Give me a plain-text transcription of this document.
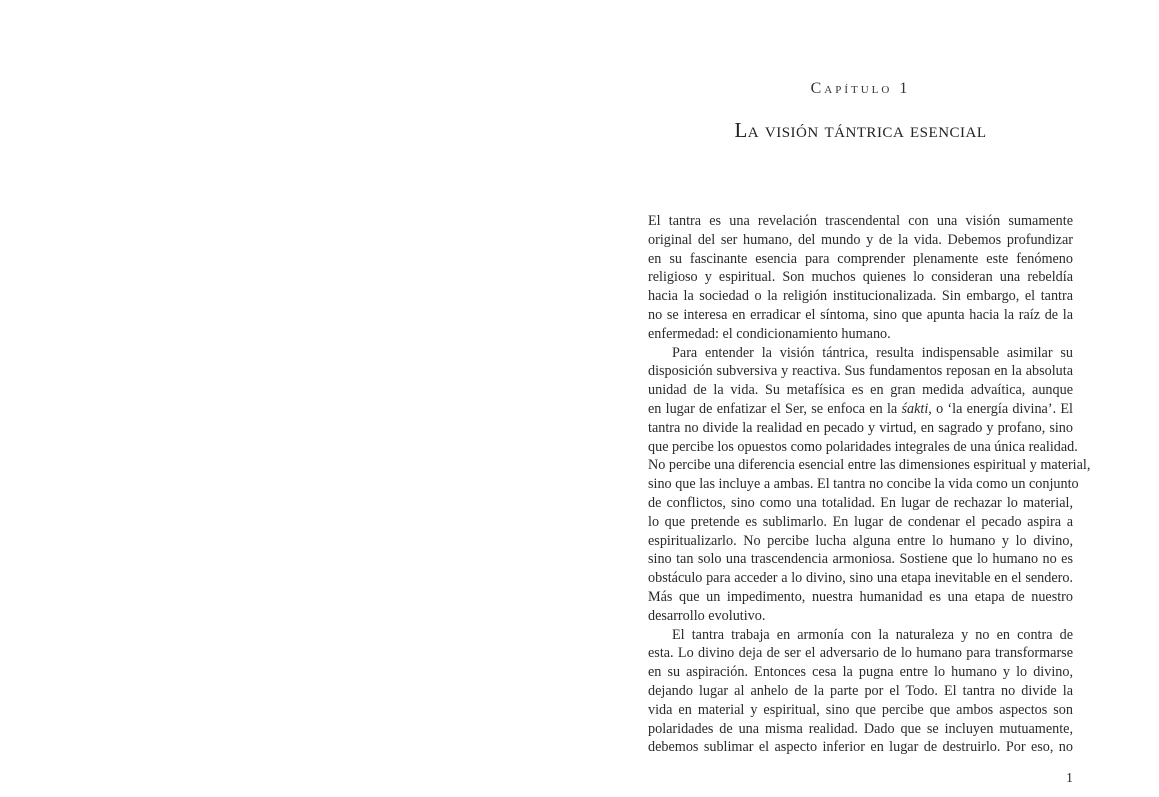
Capítulo 1
La visión tántrica esencial
El tantra es una revelación trascendental con una visión sumamente
original del ser humano, del mundo y de la vida. Debemos profundizar
en su fascinante esencia para comprender plenamente este fenómeno
religioso y espiritual. Son muchos quienes lo consideran una rebeldía
hacia la sociedad o la religión institucionalizada. Sin embargo, el tantra
no se interesa en erradicar el síntoma, sino que apunta hacia la raíz de la
enfermedad: el condicionamiento humano.
Para entender la visión tántrica, resulta indispensable asimilar su
disposición subversiva y reactiva. Sus fundamentos reposan en la absoluta
unidad de la vida. Su metafísica es en gran medida advaítica, aunque
en lugar de enfatizar el Ser, se enfoca en la śakti, o ‘la energía divina’. El
tantra no divide la realidad en pecado y virtud, en sagrado y profano, sino
que percibe los opuestos como polaridades integrales de una única realidad.
No percibe una diferencia esencial entre las dimensiones espiritual y material,
sino que las incluye a ambas. El tantra no concibe la vida como un conjunto
de conflictos, sino como una totalidad. En lugar de rechazar lo material,
lo que pretende es sublimarlo. En lugar de condenar el pecado aspira a
espiritualizarlo. No percibe lucha alguna entre lo humano y lo divino,
sino tan solo una trascendencia armoniosa. Sostiene que lo humano no es
obstáculo para acceder a lo divino, sino una etapa inevitable en el sendero.
Más que un impedimento, nuestra humanidad es una etapa de nuestro
desarrollo evolutivo.
El tantra trabaja en armonía con la naturaleza y no en contra de
esta. Lo divino deja de ser el adversario de lo humano para transformarse
en su aspiración. Entonces cesa la pugna entre lo humano y lo divino,
dejando lugar al anhelo de la parte por el Todo. El tantra no divide la
vida en material y espiritual, sino que percibe que ambos aspectos son
polaridades de una misma realidad. Dado que se incluyen mutuamente,
debemos sublimar el aspecto inferior en lugar de destruirlo. Por eso, no
1
